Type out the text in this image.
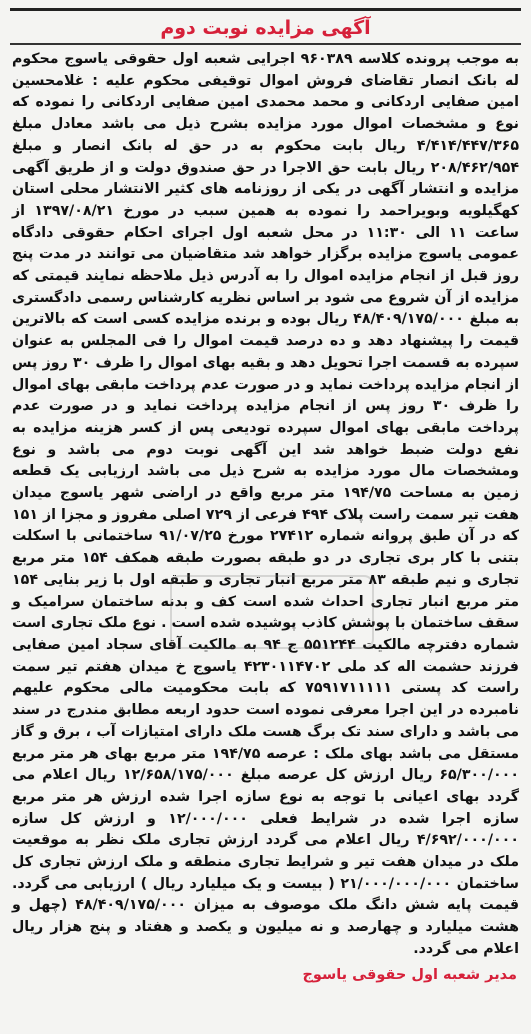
آگهی مزایده نوبت دوم

به موجب پرونده کلاسه ۹۶۰۳۸۹ اجرایی شعبه اول حقوقی یاسوج محکوم له بانک انصار تقاضای فروش اموال توقیفی محکوم علیه : غلامحسین امین صفایی اردکانی و محمد محمدی امین صفایی اردکانی را نموده که نوع و مشخصات اموال مورد مزایده بشرح ذیل می باشد معادل مبلغ ۴/۴۱۴/۴۴۷/۳۶۵ ریال بابت محکوم به در حق له بانک انصار و مبلغ ۲۰۸/۴۶۲/۹۵۴ ریال بابت حق الاجرا در حق صندوق دولت و از طریق آگهی مزایده و انتشار آگهی در یکی از روزنامه های کثیر الانتشار محلی استان کهگیلویه وبویراحمد را نموده به همین سبب در مورخ ۱۳۹۷/۰۸/۲۱ از ساعت ۱۱ الی ۱۱:۳۰ در محل شعبه اول اجرای احکام حقوقی دادگاه عمومی یاسوج مزایده برگزار خواهد شد متقاضیان می توانند در مدت پنج روز قبل از انجام مزایده اموال را به آدرس ذیل ملاحظه نمایند قیمتی که مزایده از آن شروع می شود بر اساس نظریه کارشناس رسمی دادگستری به مبلغ ۴۸/۴۰۹/۱۷۵/۰۰۰ ریال بوده و برنده مزایده کسی است که بالاترین قیمت را پیشنهاد دهد و ده درصد قیمت اموال را فی المجلس به عنوان سپرده به قسمت اجرا تحویل دهد و بقیه بهای اموال را ظرف ۳۰ روز پس از انجام مزایده پرداخت نماید و در صورت عدم پرداخت مابقی بهای اموال را ظرف ۳۰ روز پس از انجام مزایده پرداخت نماید و در صورت عدم پرداخت مابقی بهای اموال سپرده تودیعی پس از کسر هزینه مزایده به نفع دولت ضبط خواهد شد این آگهی نوبت دوم می باشد و نوع ومشخصات مال مورد مزایده به شرح ذیل می باشد ارزیابی یک قطعه زمین به مساحت ۱۹۴/۷۵ متر مربع واقع در اراضی شهر یاسوج میدان هفت تیر سمت راست پلاک ۴۹۴ فرعی از ۷۲۹ اصلی مفروز و مجزا از ۱۵۱ که در آن طبق پروانه شماره ۲۷۴۱۲ مورخ ۹۱/۰۷/۲۵ ساختمانی با اسکلت بتنی با کار بری تجاری در دو طبقه بصورت طبقه همکف ۱۵۴ متر مربع تجاری و نیم طبقه ۸۳ متر مربع انبار تجاری و طبقه اول با زیر بنایی ۱۵۴ متر مربع انبار تجاری احداث شده است کف و بدنه ساختمان سرامیک و سقف ساختمان با پوشش کاذب پوشیده شده است . نوع ملک تجاری است شماره دفترچه مالکیت ۵۵۱۲۴۴ ج ۹۴ به مالکیت آقای سجاد امین صفایی فرزند حشمت اله کد ملی ۴۲۳۰۱۱۴۷۰۲ یاسوج خ میدان هفتم تیر سمت راست کد پستی ۷۵۹۱۷۱۱۱۱۱ که بابت محکومیت مالی محکوم علیهم نامبرده در این اجرا معرفی نموده است حدود اربعه مطابق مندرج در سند می باشد و دارای سند تک برگ هست ملک دارای امتیازات آب ، برق و گاز مستقل می باشد بهای ملک : عرصه ۱۹۴/۷۵ متر مربع بهای هر متر مربع ۶۵/۳۰۰/۰۰۰ ریال ارزش کل عرصه مبلغ ۱۲/۶۵۸/۱۷۵/۰۰۰ ریال اعلام می گردد بهای اعیانی با توجه به نوع سازه اجرا شده ارزش هر متر مربع سازه اجرا شده در شرایط فعلی ۱۲/۰۰۰/۰۰۰ و ارزش کل سازه ۴/۶۹۲/۰۰۰/۰۰۰ ریال اعلام می گردد ارزش تجاری ملک نظر به موقعیت ملک در میدان هفت تیر و شرایط تجاری منطقه و ملک ارزش تجاری کل ساختمان ۲۱/۰۰۰/۰۰۰/۰۰۰ ( بیست و یک میلیارد ریال ) ارزیابی می گردد. قیمت پایه شش دانگ ملک موصوف به میزان ۴۸/۴۰۹/۱۷۵/۰۰۰ (چهل و هشت میلیارد و چهارصد و نه میلیون و یکصد و هفتاد و پنج هزار ریال اعلام می گردد.

مدیر شعبه اول حقوقی یاسوج
